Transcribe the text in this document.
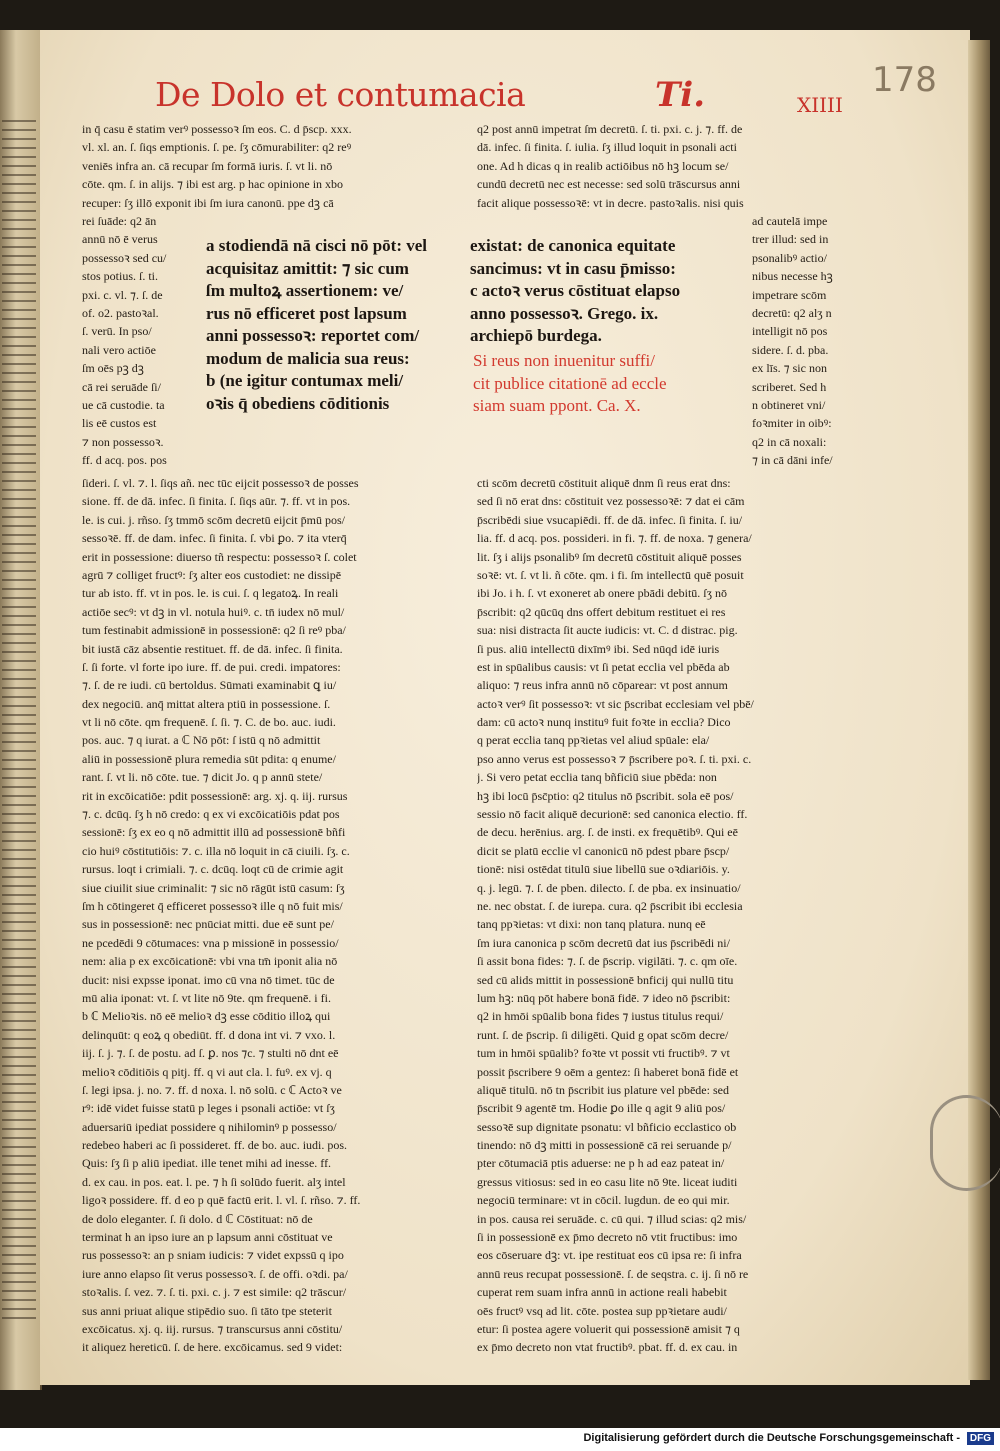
De Dolo et contumacia	Ti.	XIIII
178
in q̄ casu ē statim verꝰ possessoꝛ ſm eos. C. d p̄scp. xxx.
vl. xl. an. ſ. ſiqs emptionis. ſ. pe. ſʒ cōmurabiliter: q2 reꝰ
veniēs infra an. cā recupar ſm formā iuris. ſ. vt li. nō
cōte. qm. ſ. in alijs. ⁊ ibi est arg. p hac opinione in xbo
recuper: ſʒ illō exponit ibi ſm iura canonū. ppe dꝫ cā
rei ſuāde: q2 ān
annū nō ē verus
possessoꝛ sed cu/
stos potius. ſ. ti.
pxi. c. vl. ⁊. ſ. de
of. o2. pastoꝛal.
ſ. verū. In pso/
nali vero actiōe
ſm oēs pꝫ dꝫ
cā rei seruāde ſi/
ue cā custodie. ta
lis eē custos est
⁊ non possessoꝛ.
ff. d acq. pos. pos
ſideri. ſ. vl. ⁊. l. ſiqs añ. nec tūc eijcit possessoꝛ de posses
sione. ff. de dā. infec. ſi finita. ſ. ſiqs aūr. ⁊. ff. vt in pos.
le. is cui. j. rñso. ſʒ tmmō scōm decretū eijcit p̄mū pos/
sessoꝛē. ff. de dam. infec. ſi finita. ſ. vbi ꝑo. ⁊ ita vterq̄
erit in possessione: diuerso tñ respectu: possessoꝛ ſ. colet
agrū ⁊ colliget fructꝰ: ſʒ alter eos custodiet: ne dissipē
tur ab isto. ff. vt in pos. le. is cui. ſ. q legatoꝝ. In reali
actiōe secꝰ: vt dꝫ in vl. notula huiꝰ. c. tn̄ iudex nō mul/
tum festinabit admissionē in possessionē: q2 ſi reꝰ pba/
bit iustā cāz absentie restituet. ff. de dā. infec. ſi finita.
ſ. ſi forte. vl forte ipo iure. ff. de pui. credi. impatores:
⁊. ſ. de re iudi. cū bertoldus. Sūmati examinabit ꝗ iu/
dex negociū. anq̄ mittat altera ptiū in possessione. ſ.
vt li nō cōte. qm frequenē. ſ. ſi. ⁊. C. de bo. auc. iudi.
pos. auc. ⁊ q iurat. a ℂ Nō pōt: ſ istū q nō admittit
aliū in possessionē plura remedia sūt pdita: q enume/
rant. ſ. vt li. nō cōte. tue. ⁊ dicit Jo. q p annū stete/
rit in excōicatiōe: pdit possessionē: arg. xj. q. iij. rursus
⁊. c. dcūq. ſʒ h nō credo: q ex vi excōicatiōis pdat pos
sessionē: ſʒ ex eo q nō admittit illū ad possessionē bñfi
cio huiꝰ cōstitutiōis: ⁊. c. illa nō loquit in cā ciuili. ſʒ. c.
rursus. loqt i crimiali. ⁊. c. dcūq. loqt cū de crimie agit
siue ciuilit siue criminalit: ⁊ sic nō rāgūt istū casum: ſʒ
ſm h cōtingeret q̄ efficeret possessoꝛ ille q nō fuit mis/
sus in possessionē: nec pnūciat mitti. due eē sunt pe/
ne pcedēdi 9 cōtumaces: vna p missionē in possessio/
nem: alia p ex excōicationē: vbi vna tm̄ iponit alia nō
ducit: nisi expsse iponat. imo cū vna nō timet. tūc de
mū alia iponat: vt. ſ. vt lite nō 9te. qm frequenē. i fi.
b ℂ Melioꝛis. nō eē melioꝛ dꝫ esse cōditio illoꝝ qui
delinquūt: q eoꝝ q obediūt. ff. d dona int vi. ⁊ vxo. l.
iij. ſ. j. ⁊. ſ. de postu. ad ſ. ꝑ. nos ⁊c. ⁊ stulti nō dnt eē
melioꝛ cōditiōis q pitj. ff. q vi aut cla. l. fuꝰ. ex vj. q
ſ. legi ipsa. j. no. ⁊. ff. d noxa. l. nō solū. c ℂ Actoꝛ ve
rꝰ: idē videt fuisse statū p leges i psonali actiōe: vt ſʒ
aduersariū ipediat possidere q nihilominꝰ p possesso/
redebeo haberi ac ſi possideret. ff. de bo. auc. iudi. pos.
Quis: ſʒ ſi p aliū ipediat. ille tenet mihi ad inesse. ff.
d. ex cau. in pos. eat. l. pe. ⁊ h ſi solūdo fuerit. alʒ intel
ligoꝛ possidere. ff. d eo p quē factū erit. l. vl. ſ. rñso. ⁊. ff.
de dolo eleganter. ſ. ſi dolo. d ℂ Cōstituat: nō de
terminat h an ipso iure an p lapsum anni cōstituat ve
rus possessoꝛ: an p sniam iudicis: ⁊ videt expssū q ipo
iure anno elapso ſit verus possessoꝛ. ſ. de offi. oꝛdi. pa/
stoꝛalis. ſ. vez. ⁊. ſ. ti. pxi. c. j. ⁊ est simile: q2 trāscur/
sus anni priuat alique stipēdio suo. ſi tāto tpe steterit
excōicatus. xj. q. iij. rursus. ⁊ transcursus anni cōstitu/
it aliquez hereticū. ſ. de here. excōicamus. sed 9 videt:
q2 post annū impetrat ſm decretū. ſ. ti. pxi. c. j. ⁊. ff. de
dā. infec. ſi finita. ſ. iulia. ſʒ illud loquit in psonali acti
one. Ad h dicas q in realib actiōibus nō hꝫ locum se/
cundū decretū nec est necesse: sed solū trāscursus anni
facit alique possessoꝛē: vt in decre. pastoꝛalis. nisi quis
ad cautelā impe
trer illud: sed in
psonalibꝰ actio/
nibus necesse hꝫ
impetrare scōm
decretū: q2 alʒ n
intelligit nō pos
sidere. ſ. d. pba.
ex līs. ⁊ sic non
scriberet. Sed h
n obtineret vni/
foꝛmiter in oibꝰ:
q2 in cā noxali:
⁊ in cā dāni infe/
cti scōm decretū cōstituit aliquē dnm ſi reus erat dns:
sed ſi nō erat dns: cōstituit vez possessoꝛē: ⁊ dat ei cām
p̄scribēdi siue vsucapiēdi. ff. de dā. infec. ſi finita. ſ. iu/
lia. ff. d acq. pos. possideri. in fi. ⁊. ff. de noxa. ⁊ genera/
lit. ſʒ i alijs psonalibꝰ ſm decretū cōstituit aliquē posses
soꝛē: vt. ſ. vt li. ñ cōte. qm. i fi. ſm intellectū quē posuit
ibi Jo. i h. ſ. vt exoneret ab onere pbādi debitū. ſʒ nō
p̄scribit: q2 qūcūq dns offert debitum restituet ei res
sua: nisi distracta ſit aucte iudicis: vt. C. d distrac. pig.
ſi pus. aliū intellectū dixīmꝰ ibi. Sed nūqd idē iuris
est in spūalibus causis: vt ſi petat ecclia vel pbēda ab
aliquo: ⁊ reus infra annū nō cōparear: vt post annum
actoꝛ verꝰ ſit possessoꝛ: vt sic p̄scribat ecclesiam vel pbē/
dam: cū actoꝛ nunq instituꝰ fuit foꝛte in ecclia? Dico
q perat ecclia tanq ppꝛietas vel aliud spūale: ela/
pso anno verus est possessoꝛ ⁊ p̄scribere poꝛ. ſ. ti. pxi. c.
j. Si vero petat ecclia tanq bñficiū siue pbēda: non
hꝫ ibi locū p̄sc̄ptio: q2 titulus nō p̄scribit. sola eē pos/
sessio nō facit aliquē decurionē: sed canonica electio. ff.
de decu. herēnius. arg. ſ. de insti. ex frequētibꝰ. Qui eē
dicit se platū ecclie vl canonicū nō pdest pbare p̄scp/
tionē: nisi ostēdat titulū siue libellū sue oꝛdiariōis. y.
q. j. legū. ⁊. ſ. de pben. dilecto. ſ. de pba. ex insinuatio/
ne. nec obstat. ſ. de iurepa. cura. q2 p̄scribit ibi ecclesia
tanq ppꝛietas: vt dixi: non tanq platura. nunq eē
ſm iura canonica p scōm decretū dat ius p̄scribēdi ni/
ſi assit bona fides: ⁊. ſ. de p̄scrip. vigilāti. ⁊. c. qm oīe.
sed cū alids mittit in possessionē bnficij qui nullū titu
lum hꝫ: nūq pōt habere bonā fidē. ⁊ ideo nō p̄scribit:
q2 in hmōi spūalib bona fides ⁊ iustus titulus requi/
runt. ſ. de p̄scrip. ſi diligēti. Quid g opat scōm decre/
tum in hmōi spūalib? foꝛte vt possit vti fructibꝰ. ⁊ vt
possit p̄scribere 9 oēm a gentez: ſi haberet bonā fidē et
aliquē titulū. nō tn p̄scribit ius plature vel pbēde: sed
p̄scribit 9 agentē tm. Hodie ꝑo ille q agit 9 aliū pos/
sessoꝛē sup dignitate psonatu: vl bñficio ecclastico ob
tinendo: nō dꝫ mitti in possessionē cā rei seruande p/
pter cōtumaciā ptis aduerse: ne p h ad eaz pateat in/
gressus vitiosus: sed in eo casu lite nō 9te. liceat iuditi
negociū terminare: vt in cōcil. lugdun. de eo qui mir.
in pos. causa rei seruāde. c. cū qui. ⁊ illud scias: q2 mis/
ſi in possessionē ex p̄mo decreto nō vtit fructibus: imo
eos cōseruare dꝫ: vt. ipe restituat eos cū ipsa re: ſi infra
annū reus recupat possessionē. ſ. de seqstra. c. ij. ſi nō re
cuperat rem suam infra annū in actione reali habebit
oēs fructꝰ vsq ad lit. cōte. postea sup ppꝛietare audi/
etur: ſi postea agere voluerit qui possessionē amisit ⁊ q
ex p̄mo decreto non vtat fructibꝰ. pbat. ff. d. ex cau. in
a stodiendā nā cisci nō pōt: vel
acquisitaz amittit: ⁊ sic cum
ſm multoꝝ assertionem: ve/
rus nō efficeret post lapsum
anni possessoꝛ: reportet com/
modum de malicia sua reus:
b (ne igitur contumax meli/
oꝛis q̄ obediens cōditionis
existat: de canonica equitate
sancimus: vt in casu p̄misso:
c actoꝛ verus cōstituat elapso
anno possessoꝛ. Grego. ix.
archiepō burdega.
Si reus non inuenitur suffi/
cit publice citationē ad eccle
siam suam ppont. Ca. X.
Digitalisierung gefördert durch die Deutsche Forschungsgemeinschaft - DFG
